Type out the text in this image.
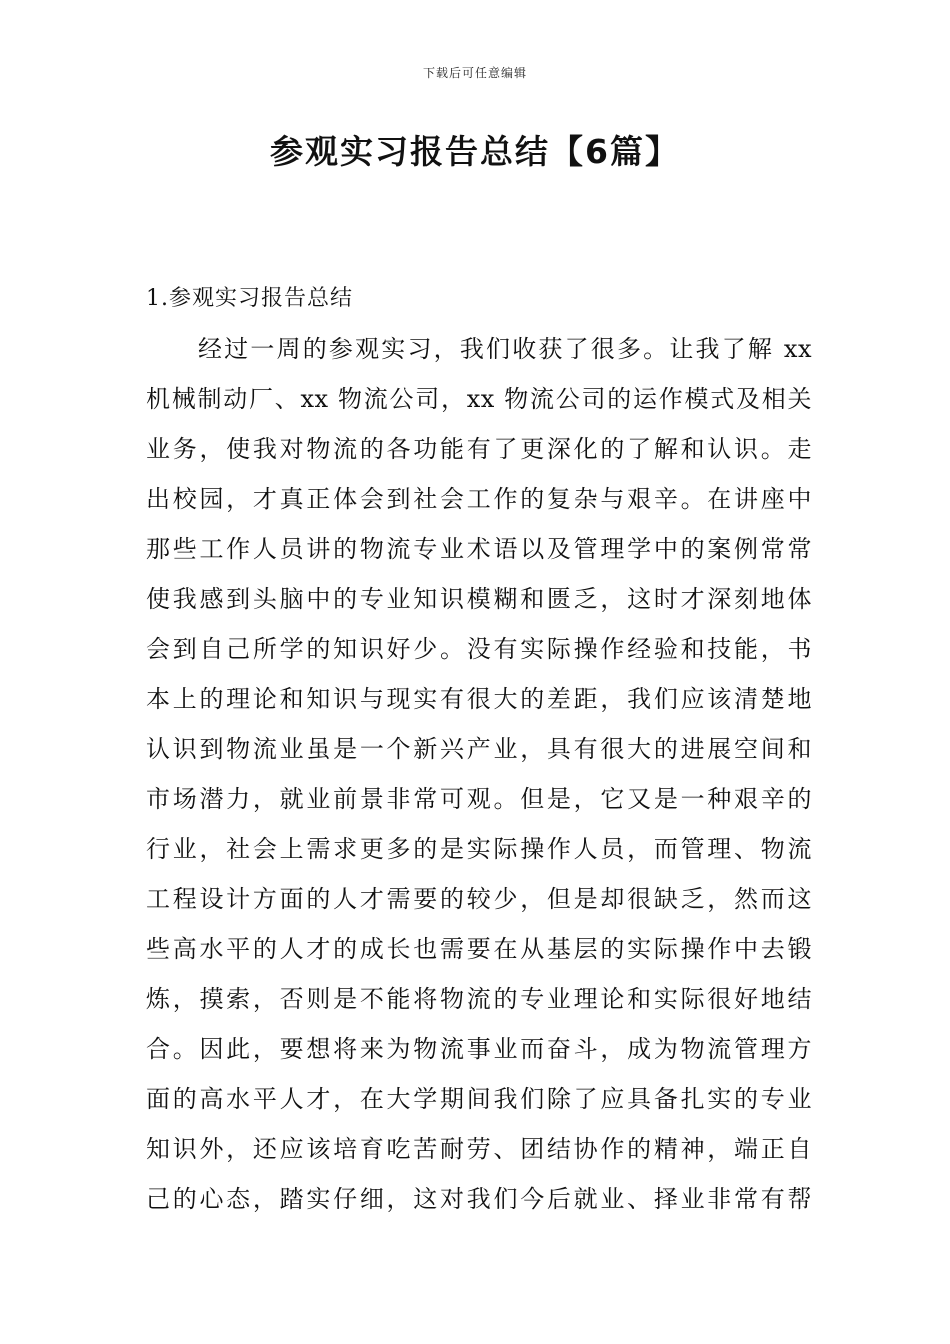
下载后可任意编辑
参观实习报告总结【6篇】
1.参观实习报告总结
经过一周的参观实习，我们收获了很多。让我了解 xx
机械制动厂、xx 物流公司，xx 物流公司的运作模式及相关
业务，使我对物流的各功能有了更深化的了解和认识。走
出校园，才真正体会到社会工作的复杂与艰辛。在讲座中
那些工作人员讲的物流专业术语以及管理学中的案例常常
使我感到头脑中的专业知识模糊和匮乏，这时才深刻地体
会到自己所学的知识好少。没有实际操作经验和技能，书
本上的理论和知识与现实有很大的差距，我们应该清楚地
认识到物流业虽是一个新兴产业，具有很大的进展空间和
市场潜力，就业前景非常可观。但是，它又是一种艰辛的
行业，社会上需求更多的是实际操作人员，而管理、物流
工程设计方面的人才需要的较少，但是却很缺乏，然而这
些高水平的人才的成长也需要在从基层的实际操作中去锻
炼，摸索，否则是不能将物流的专业理论和实际很好地结
合。因此，要想将来为物流事业而奋斗，成为物流管理方
面的高水平人才，在大学期间我们除了应具备扎实的专业
知识外，还应该培育吃苦耐劳、团结协作的精神，端正自
己的心态，踏实仔细，这对我们今后就业、择业非常有帮
